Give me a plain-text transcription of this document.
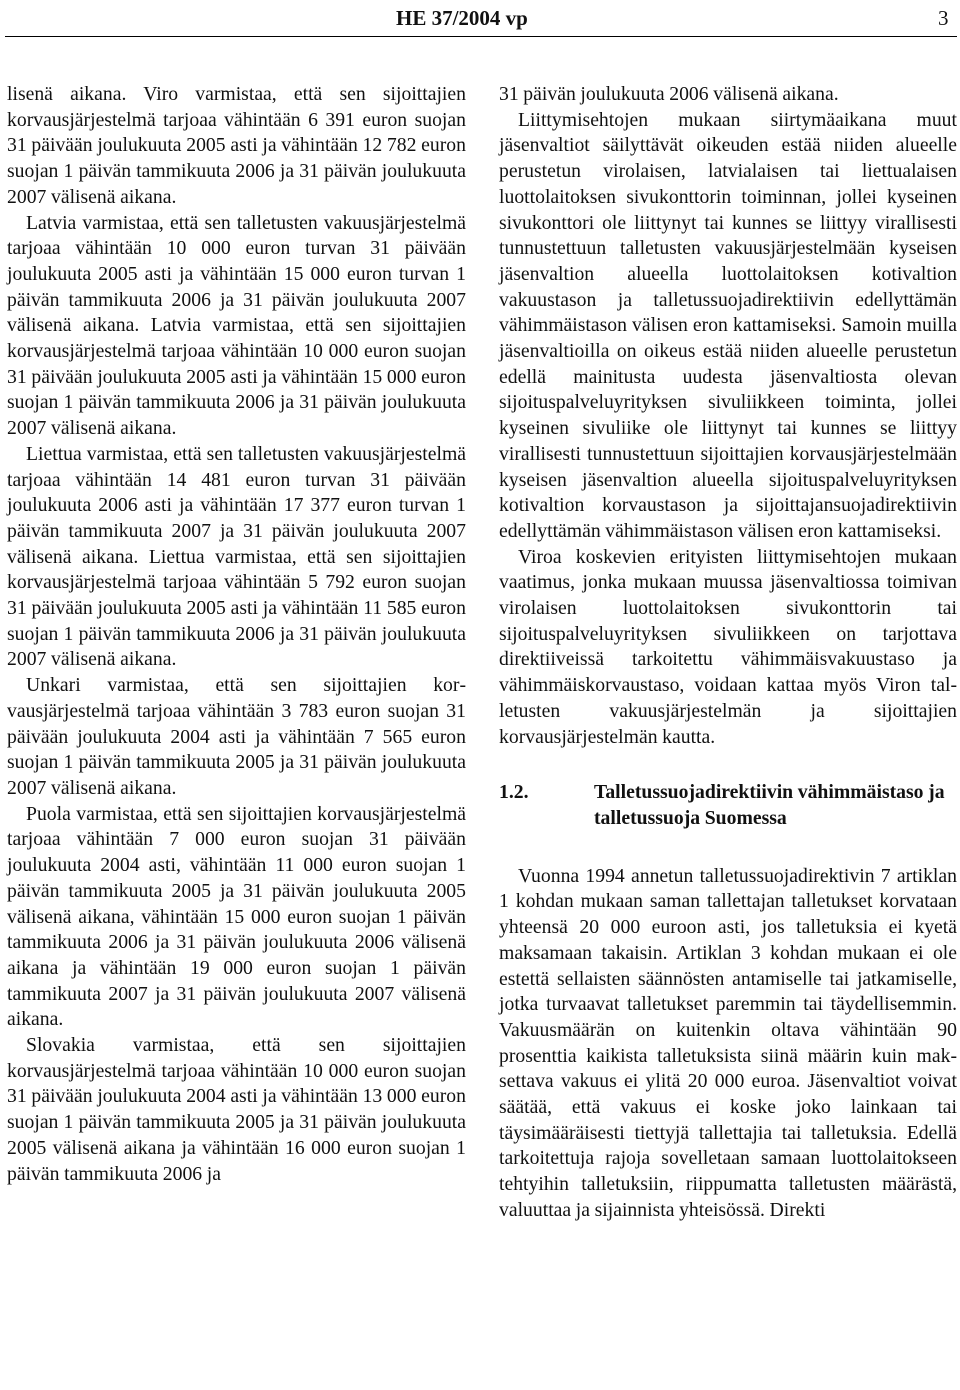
HE 37/2004 vp	3

lisenä aikana. Viro varmistaa, että sen sijoittajien korvausjärjestelmä tarjoaa vähintään 6 391 euron suojan 31 päivään joulukuuta 2005 asti ja vähintään 12 782 euron suojan 1 päivän tammikuuta 2006 ja 31 päivän joulukuuta 2007 välisenä aikana.

Latvia varmistaa, että sen talletusten vakuusjärjestelmä tarjoaa vähintään 10 000 euron turvan 31 päivään joulukuuta 2005 asti ja vähintään 15 000 euron turvan 1 päivän tammikuuta 2006 ja 31 päivän joulukuuta 2007 välisenä aikana. Latvia varmistaa, että sen sijoittajien korvausjärjestelmä tarjoaa vähintään 10 000 euron suojan 31 päivään joulukuuta 2005 asti ja vähintään 15 000 euron suojan 1 päivän tammikuuta 2006 ja 31 päivän joulukuuta 2007 välisenä aikana.

Liettua varmistaa, että sen talletusten vakuusjärjestelmä tarjoaa vähintään 14 481 euron turvan 31 päivään joulukuuta 2006 asti ja vähintään 17 377 euron turvan 1 päivän tammikuuta 2007 ja 31 päivän joulukuuta 2007 välisenä aikana. Liettua varmistaa, että sen sijoittajien korvausjärjestelmä tarjoaa vähintään 5 792 euron suojan 31 päivään joulukuuta 2005 asti ja vähintään 11 585 euron suojan 1 päivän tammikuuta 2006 ja 31 päivän joulukuuta 2007 välisenä aikana.

Unkari varmistaa, että sen sijoittajien korvausjärjestelmä tarjoaa vähintään 3 783 euron suojan 31 päivään joulukuuta 2004 asti ja vähintään 7 565 euron suojan 1 päivän tammikuuta 2005 ja 31 päivän joulukuuta 2007 välisenä aikana.

Puola varmistaa, että sen sijoittajien korvausjärjestelmä tarjoaa vähintään 7 000 euron suojan 31 päivään joulukuuta 2004 asti, vähintään 11 000 euron suojan 1 päivän tammikuuta 2005 ja 31 päivän joulukuuta 2005 välisenä aikana, vähintään 15 000 euron suojan 1 päivän tammikuuta 2006 ja 31 päivän joulukuuta 2006 välisenä aikana ja vähintään 19 000 euron suojan 1 päivän tammikuuta 2007 ja 31 päivän joulukuuta 2007 välisenä aikana.

Slovakia varmistaa, että sen sijoittajien korvausjärjestelmä tarjoaa vähintään 10 000 euron suojan 31 päivään joulukuuta 2004 asti ja vähintään 13 000 euron suojan 1 päivän tammikuuta 2005 ja 31 päivän joulukuuta 2005 välisenä aikana ja vähintään 16 000 euron suojan 1 päivän tammikuuta 2006 ja

31 päivän joulukuuta 2006 välisenä aikana.

Liittymisehtojen mukaan siirtymäaikana muut jäsenvaltiot säilyttävät oikeuden estää niiden alueelle perustetun virolaisen, latvialaisen tai liettualaisen luottolaitoksen sivukonttorin toiminnan, jollei kyseinen sivukonttori ole liittynyt tai kunnes se liittyy virallisesti tunnustettuun talletusten vakuusjärjestelmään kyseisen jäsenvaltion alueella luottolaitoksen kotivaltion vakuustason ja talletussuojadirektiivin edellyttämän vähimmäistason välisen eron kattamiseksi. Samoin muilla jäsenvaltioilla on oikeus estää niiden alueelle perustetun edellä mainitusta uudesta jäsenvaltiosta olevan sijoituspalveluyrityksen sivuliikkeen toiminta, jollei kyseinen sivuliike ole liittynyt tai kunnes se liittyy virallisesti tunnustettuun sijoittajien korvausjärjestelmään kyseisen jäsenvaltion alueella sijoituspalveluyrityksen kotivaltion korvaustason ja sijoittajansuojadirektiivin edellyttämän vähimmäistason välisen eron kattamiseksi.

Viroa koskevien erityisten liittymisehtojen mukaan vaatimus, jonka mukaan muussa jäsenvaltiossa toimivan virolaisen luottolaitoksen sivukonttorin tai sijoituspalveluyrityksen sivuliikkeen on tarjottava direktiiveissä tarkoitettu vähimmäisvakuustaso ja vähimmäiskorvaustaso, voidaan kattaa myös Viron talletusten vakuusjärjestelmän ja sijoittajien korvausjärjestelmän kautta.

1.2.	Talletussuojadirektiivin vähimmäistaso ja talletussuoja Suomessa

Vuonna 1994 annetun talletussuojadirektivin 7 artiklan 1 kohdan mukaan saman tallettajan talletukset korvataan yhteensä 20 000 euroon asti, jos talletuksia ei kyetä maksamaan takaisin. Artiklan 3 kohdan mukaan ei ole estettä sellaisten säännösten antamiselle tai jatkamiselle, jotka turvaavat talletukset paremmin tai täydellisemmin. Vakuusmäärän on kuitenkin oltava vähintään 90 prosenttia kaikista talletuksista siinä määrin kuin maksettava vakuus ei ylitä 20 000 euroa. Jäsenvaltiot voivat säätää, että vakuus ei koske joko lainkaan tai täysimääräisesti tiettyjä tallettajia tai talletuksia. Edellä tarkoitettuja rajoja sovelletaan samaan luottolaitokseen tehtyihin talletuksiin, riippumatta talletusten määrästä, valuuttaa ja sijainnista yhteisössä. Direkti
